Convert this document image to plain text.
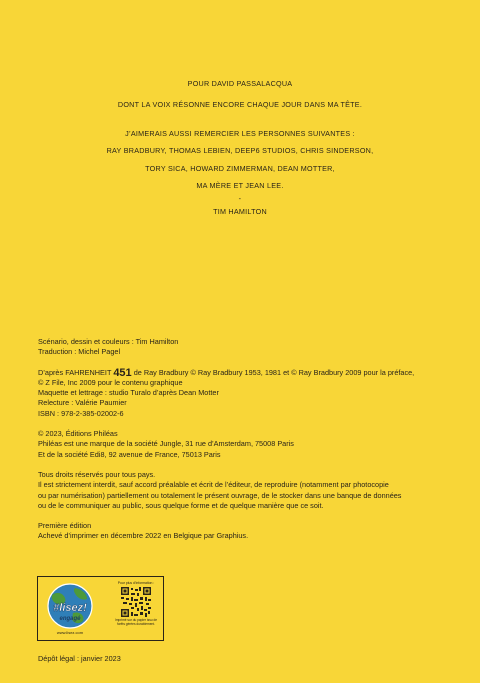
POUR DAVID PASSALACQUA
DONT LA VOIX RÉSONNE ENCORE CHAQUE JOUR DANS MA TÊTE.
J’AIMERAIS AUSSI REMERCIER LES PERSONNES SUIVANTES :
RAY BRADBURY, THOMAS LEBIEN, DEEP6 STUDIOS, CHRIS SINDERSON,
TORY SICA, HOWARD ZIMMERMAN, DEAN MOTTER,
MA MÈRE ET JEAN LEE.
-
TIM HAMILTON

Scénario, dessin et couleurs : Tim Hamilton

Traduction : Michel Pagel

D’après FAHRENHEIT 451 de Ray Bradbury © Ray Bradbury 1953, 1981 et © Ray Bradbury 2009 pour la préface,

© Z File, Inc 2009 pour le contenu graphique

Maquette et lettrage : studio Turalo d’après Dean Motter

Relecture : Valérie Paumier

ISBN : 978-2-385-02002-6

© 2023, Éditions Philéas

Philéas est une marque de la société Jungle, 31 rue d’Amsterdam, 75008 Paris

Et de la société Edi8, 92 avenue de France, 75013 Paris

Tous droits réservés pour tous pays.

Il est strictement interdit, sauf accord préalable et écrit de l’éditeur, de reproduire (notamment par photocopie

ou par numérisation) partiellement ou totalement le présent ouvrage, de le stocker dans une banque de données

ou de le communiquer au public, sous quelque forme et de quelque manière que ce soit.

Première édition

Achevé d’imprimer en décembre 2022 en Belgique par Graphius.

#lisez!
engagé
www.lisez.com
Pour plus d’information :
Imprimé sur du papier issu de forêts gérées durablement.
Dépôt légal : janvier 2023
